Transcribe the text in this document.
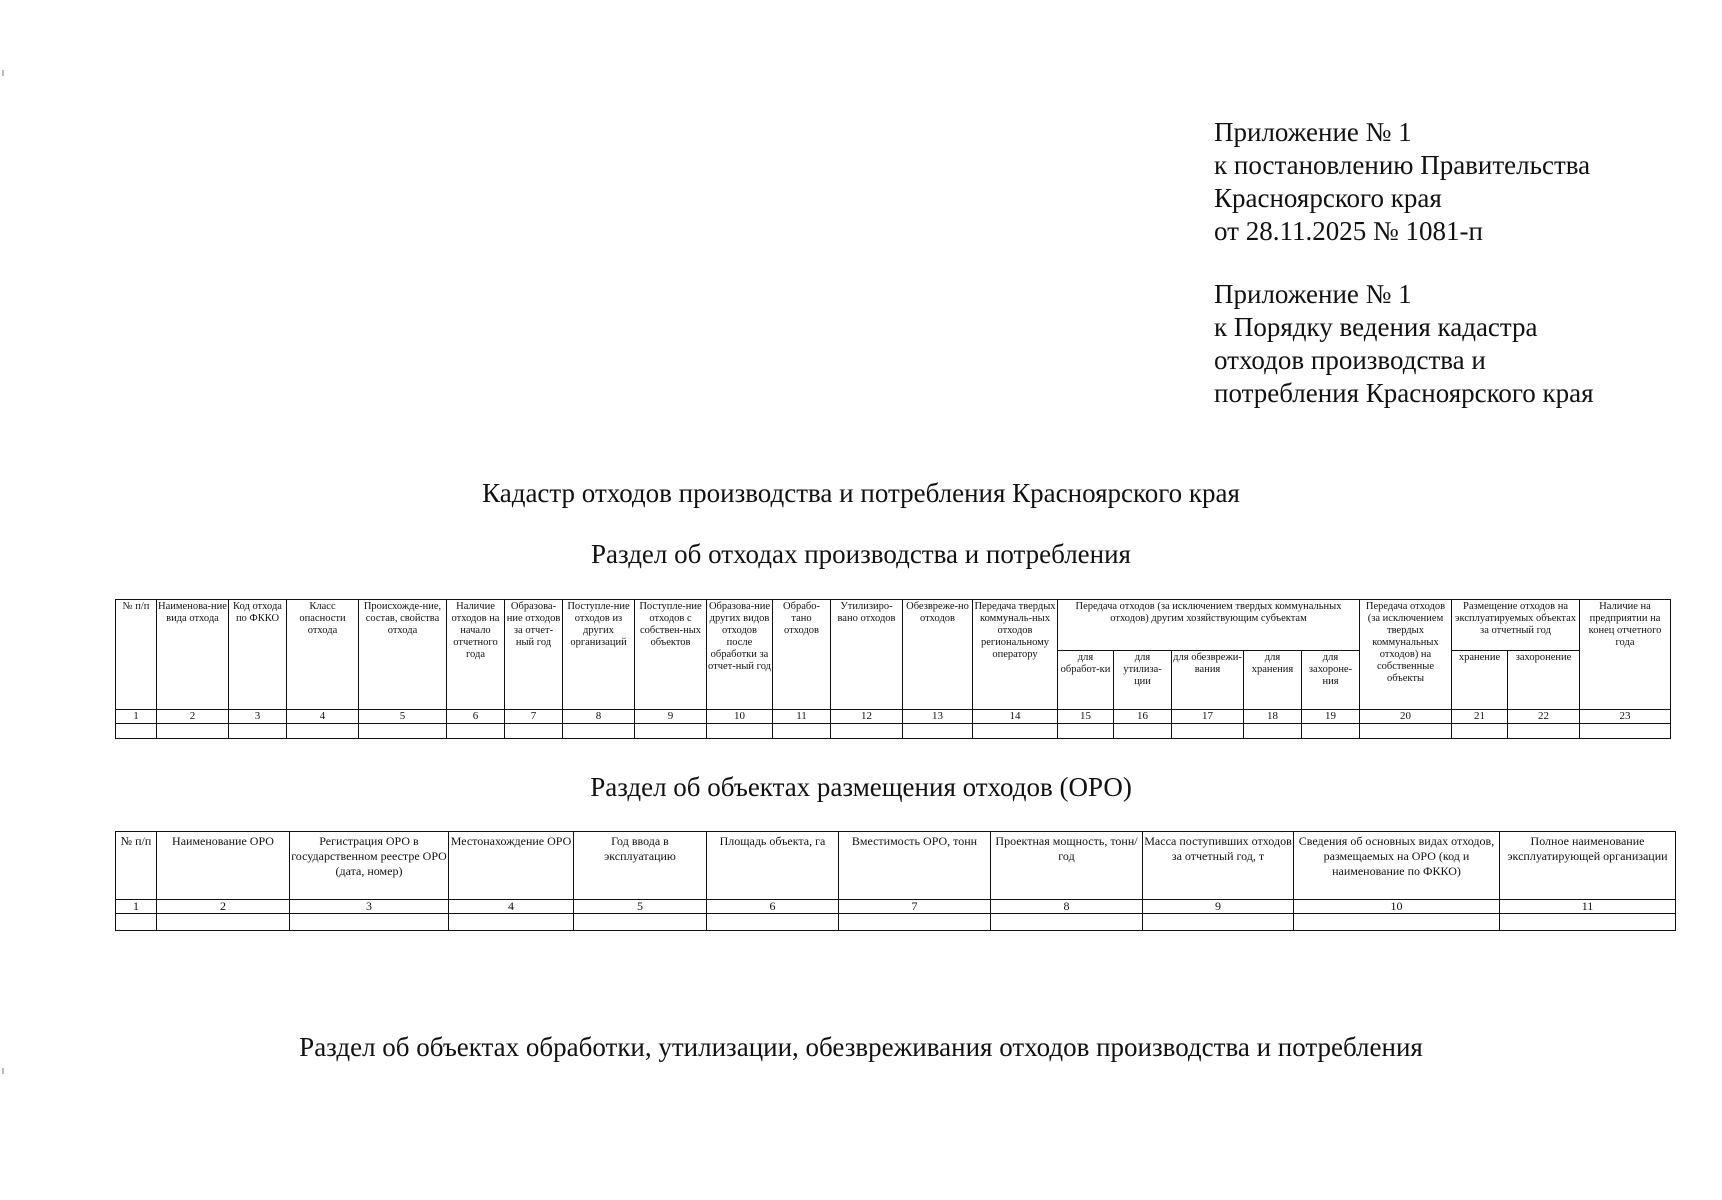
Приложение № 1

к постановлению Правительства

Красноярского края

от 28.11.2025 № 1081-п

Приложение № 1

к Порядку ведения кадастра

отходов производства и

потребления Красноярского края

Кадастр отходов производства и потребления Красноярского края
Раздел об отходах производства и потребления
Раздел об объектах размещения отходов (ОРО)
Раздел об объектах обработки, утилизации, обезвреживания отходов производства и потребления
№ п/п	Наименова-ние вида отхода	Код отхода по ФККО	Класс опасности отхода	Происхожде-ние, состав, свойства отхода	Наличие отходов на начало отчетного года	Образова-ние отходов за отчет-ный год	Поступле-ние отходов из других организаций	Поступле-ние отходов с собствен-ных объектов	Образова-ние других видов отходов после обработки за отчет-ный год	Обрабо-тано отходов	Утилизиро-вано отходов	Обезвреже-но отходов	Передача твердых коммуналь-ных отходов региональному оператору	Передача отходов (за исключением твердых коммунальных отходов) другим хозяйствующим субъектам					Передача отходов (за исключением твердых коммунальных отходов) на собственные объекты	Размещение отходов на эксплуатируемых объектах за отчетный год		Наличие на предприятии на конец отчетного года
														для обработ-ки	для утилиза-ции	для обезврежи-вания	для хранения	для захороне-ния		хранение	захоронение	
1	2	3	4	5	6	7	8	9	10	11	12	13	14	15	16	17	18	19	20	21	22	23

№ п/п	Наименование ОРО	Регистрация ОРО в государственном реестре ОРО (дата, номер)	Местонахождение ОРО	Год ввода в эксплуатацию	Площадь объекта, га	Вместимость ОРО, тонн	Проектная мощность, тонн/год	Масса поступивших отходов за отчетный год, т	Сведения об основных видах отходов, размещаемых на ОРО (код и наименование по ФККО)	Полное наименование эксплуатирующей организации
1	2	3	4	5	6	7	8	9	10	11
